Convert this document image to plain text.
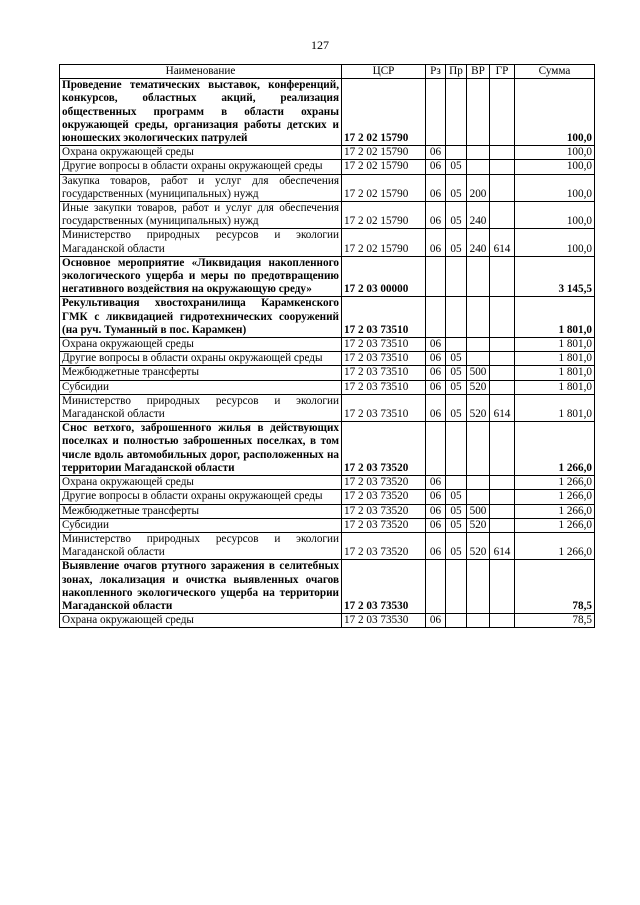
127
Наименование	ЦСР	Рз	Пр	ВР	ГР	Сумма
Проведение тематических выставок, конференций, конкурсов, областных акций, реализация общественных программ в области охраны окружающей среды, организация работы детских и юношеских экологических патрулей	17 2 02 15790					100,0
Охрана окружающей среды	17 2 02 15790	06				100,0
Другие вопросы в области охраны окружающей среды	17 2 02 15790	06	05			100,0
Закупка товаров, работ и услуг для обеспечения государственных (муниципальных) нужд	17 2 02 15790	06	05	200		100,0
Иные закупки товаров, работ и услуг для обеспечения государственных (муниципальных) нужд	17 2 02 15790	06	05	240		100,0
Министерство природных ресурсов и экологии Магаданской области	17 2 02 15790	06	05	240	614	100,0
Основное мероприятие «Ликвидация накопленного экологического ущерба и меры по предотвращению негативного воздействия на окружающую среду»	17 2 03 00000					3 145,5
Рекультивация хвостохранилища Карамкенского ГМК с ликвидацией гидротехнических сооружений (на руч. Туманный в пос. Карамкен)	17 2 03 73510					1 801,0
Охрана окружающей среды	17 2 03 73510	06				1 801,0
Другие вопросы в области охраны окружающей среды	17 2 03 73510	06	05			1 801,0
Межбюджетные трансферты	17 2 03 73510	06	05	500		1 801,0
Субсидии	17 2 03 73510	06	05	520		1 801,0
Министерство природных ресурсов и экологии Магаданской области	17 2 03 73510	06	05	520	614	1 801,0
Снос ветхого, заброшенного жилья в действующих поселках и полностью заброшенных поселках, в том числе вдоль автомобильных дорог, расположенных на территории Магаданской области	17 2 03 73520					1 266,0
Охрана окружающей среды	17 2 03 73520	06				1 266,0
Другие вопросы в области охраны окружающей среды	17 2 03 73520	06	05			1 266,0
Межбюджетные трансферты	17 2 03 73520	06	05	500		1 266,0
Субсидии	17 2 03 73520	06	05	520		1 266,0
Министерство природных ресурсов и экологии Магаданской области	17 2 03 73520	06	05	520	614	1 266,0
Выявление очагов ртутного заражения в селитебных зонах, локализация и очистка выявленных очагов накопленного экологического ущерба на территории Магаданской области	17 2 03 73530					78,5
Охрана окружающей среды	17 2 03 73530	06				78,5
